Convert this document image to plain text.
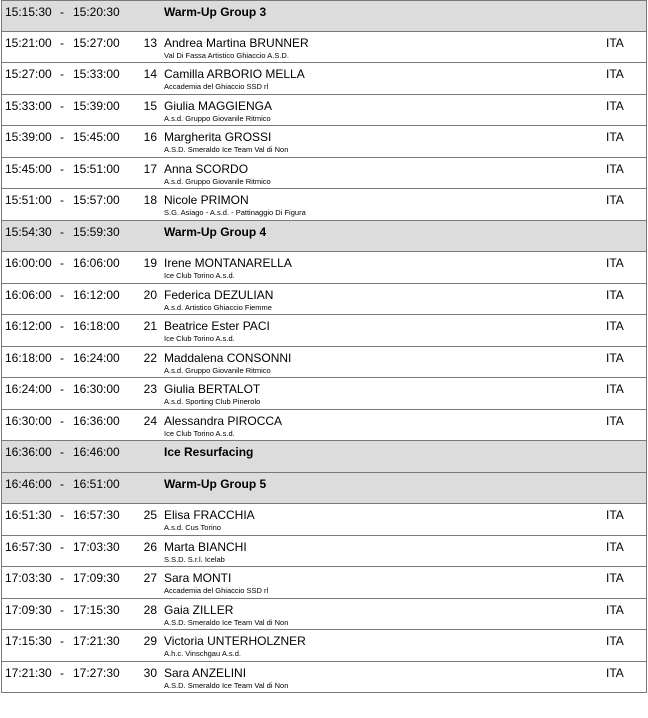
15:15:30 - 15:20:30	Warm-Up Group 3
15:21:00 - 15:27:00	13 Andrea Martina BRUNNER
Val Di Fassa Artistico Ghiaccio A.S.D.
ITA
15:27:00 - 15:33:00	14 Camilla ARBORIO MELLA
Accademia del Ghiaccio SSD rl
ITA
15:33:00 - 15:39:00	15 Giulia MAGGIENGA
A.s.d. Gruppo Giovanile Ritmico
ITA
15:39:00 - 15:45:00	16 Margherita GROSSI
A.S.D. Smeraldo Ice Team Val di Non
ITA
15:45:00 - 15:51:00	17 Anna SCORDO
A.s.d. Gruppo Giovanile Ritmico
ITA
15:51:00 - 15:57:00	18 Nicole PRIMON
S.G. Asiago - A.s.d. - Pattinaggio Di Figura
ITA
15:54:30 - 15:59:30	Warm-Up Group 4
16:00:00 - 16:06:00	19 Irene MONTANARELLA
Ice Club Torino A.s.d.
ITA
16:06:00 - 16:12:00	20 Federica DEZULIAN
A.s.d. Artistico Ghiaccio Fiemme
ITA
16:12:00 - 16:18:00	21 Beatrice Ester PACI
Ice Club Torino A.s.d.
ITA
16:18:00 - 16:24:00	22 Maddalena CONSONNI
A.s.d. Gruppo Giovanile Ritmico
ITA
16:24:00 - 16:30:00	23 Giulia BERTALOT
A.s.d. Sporting Club Pinerolo
ITA
16:30:00 - 16:36:00	24 Alessandra PIROCCA
Ice Club Torino A.s.d.
ITA
16:36:00 - 16:46:00	Ice Resurfacing
16:46:00 - 16:51:00	Warm-Up Group 5
16:51:30 - 16:57:30	25 Elisa FRACCHIA
A.s.d. Cus Torino
ITA
16:57:30 - 17:03:30	26 Marta BIANCHI
S.S.D. S.r.l. Icelab
ITA
17:03:30 - 17:09:30	27 Sara MONTI
Accademia del Ghiaccio SSD rl
ITA
17:09:30 - 17:15:30	28 Gaia ZILLER
A.S.D. Smeraldo Ice Team Val di Non
ITA
17:15:30 - 17:21:30	29 Victoria UNTERHOLZNER
A.h.c. Vinschgau A.s.d.
ITA
17:21:30 - 17:27:30	30 Sara ANZELINI
A.S.D. Smeraldo Ice Team Val di Non
ITA
